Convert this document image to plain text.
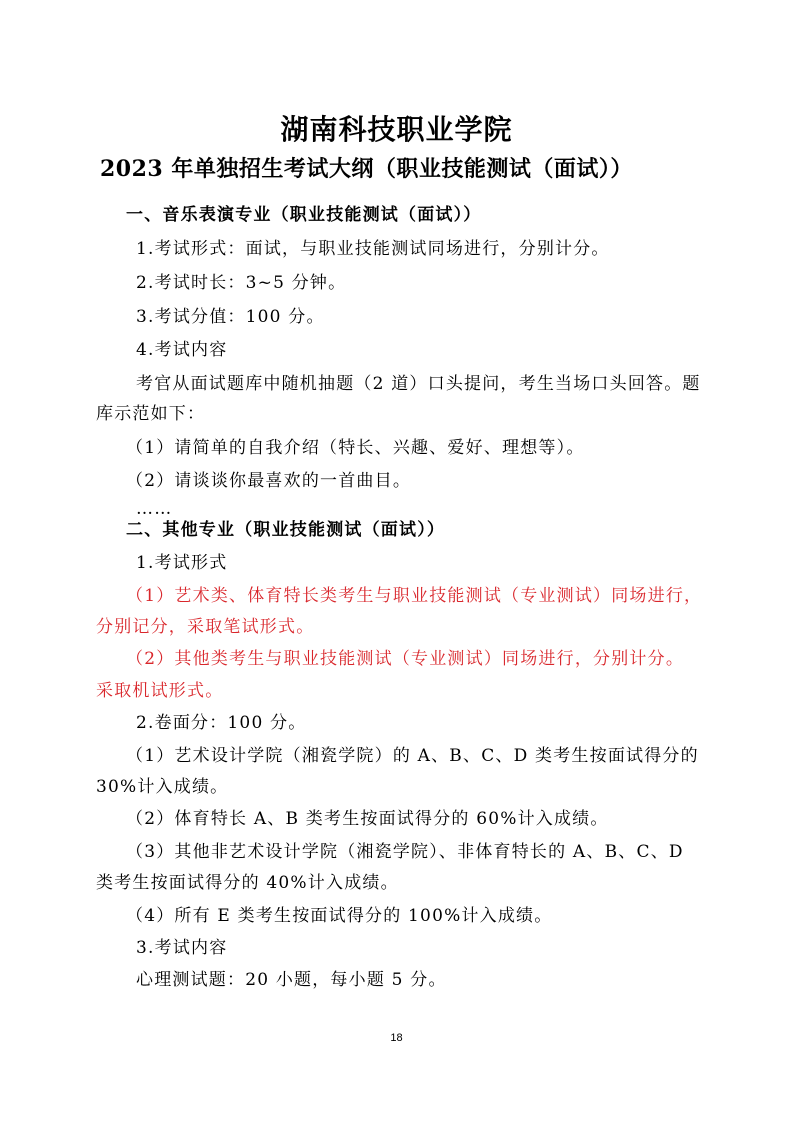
湖南科技职业学院
2023 年单独招生考试大纲（职业技能测试（面试））
一、音乐表演专业（职业技能测试（面试））
1.考试形式：面试，与职业技能测试同场进行，分别计分。
2.考试时长：3~5 分钟。
3.考试分值：100 分。
4.考试内容
考官从面试题库中随机抽题（2 道）口头提问，考生当场口头回答。题
库示范如下：
（1）请简单的自我介绍（特长、兴趣、爱好、理想等）。
（2）请谈谈你最喜欢的一首曲目。
……
二、其他专业（职业技能测试（面试））
1.考试形式
（1）艺术类、体育特长类考生与职业技能测试（专业测试）同场进行，
分别记分，采取笔试形式。
（2）其他类考生与职业技能测试（专业测试）同场进行，分别计分。
采取机试形式。
2.卷面分：100 分。
（1）艺术设计学院（湘瓷学院）的 A、B、C、D 类考生按面试得分的
30%计入成绩。
（2）体育特长 A、B 类考生按面试得分的 60%计入成绩。
（3）其他非艺术设计学院（湘瓷学院）、非体育特长的 A、B、C、D
类考生按面试得分的 40%计入成绩。
（4）所有 E 类考生按面试得分的 100%计入成绩。
3.考试内容
心理测试题：20 小题，每小题 5 分。
18
